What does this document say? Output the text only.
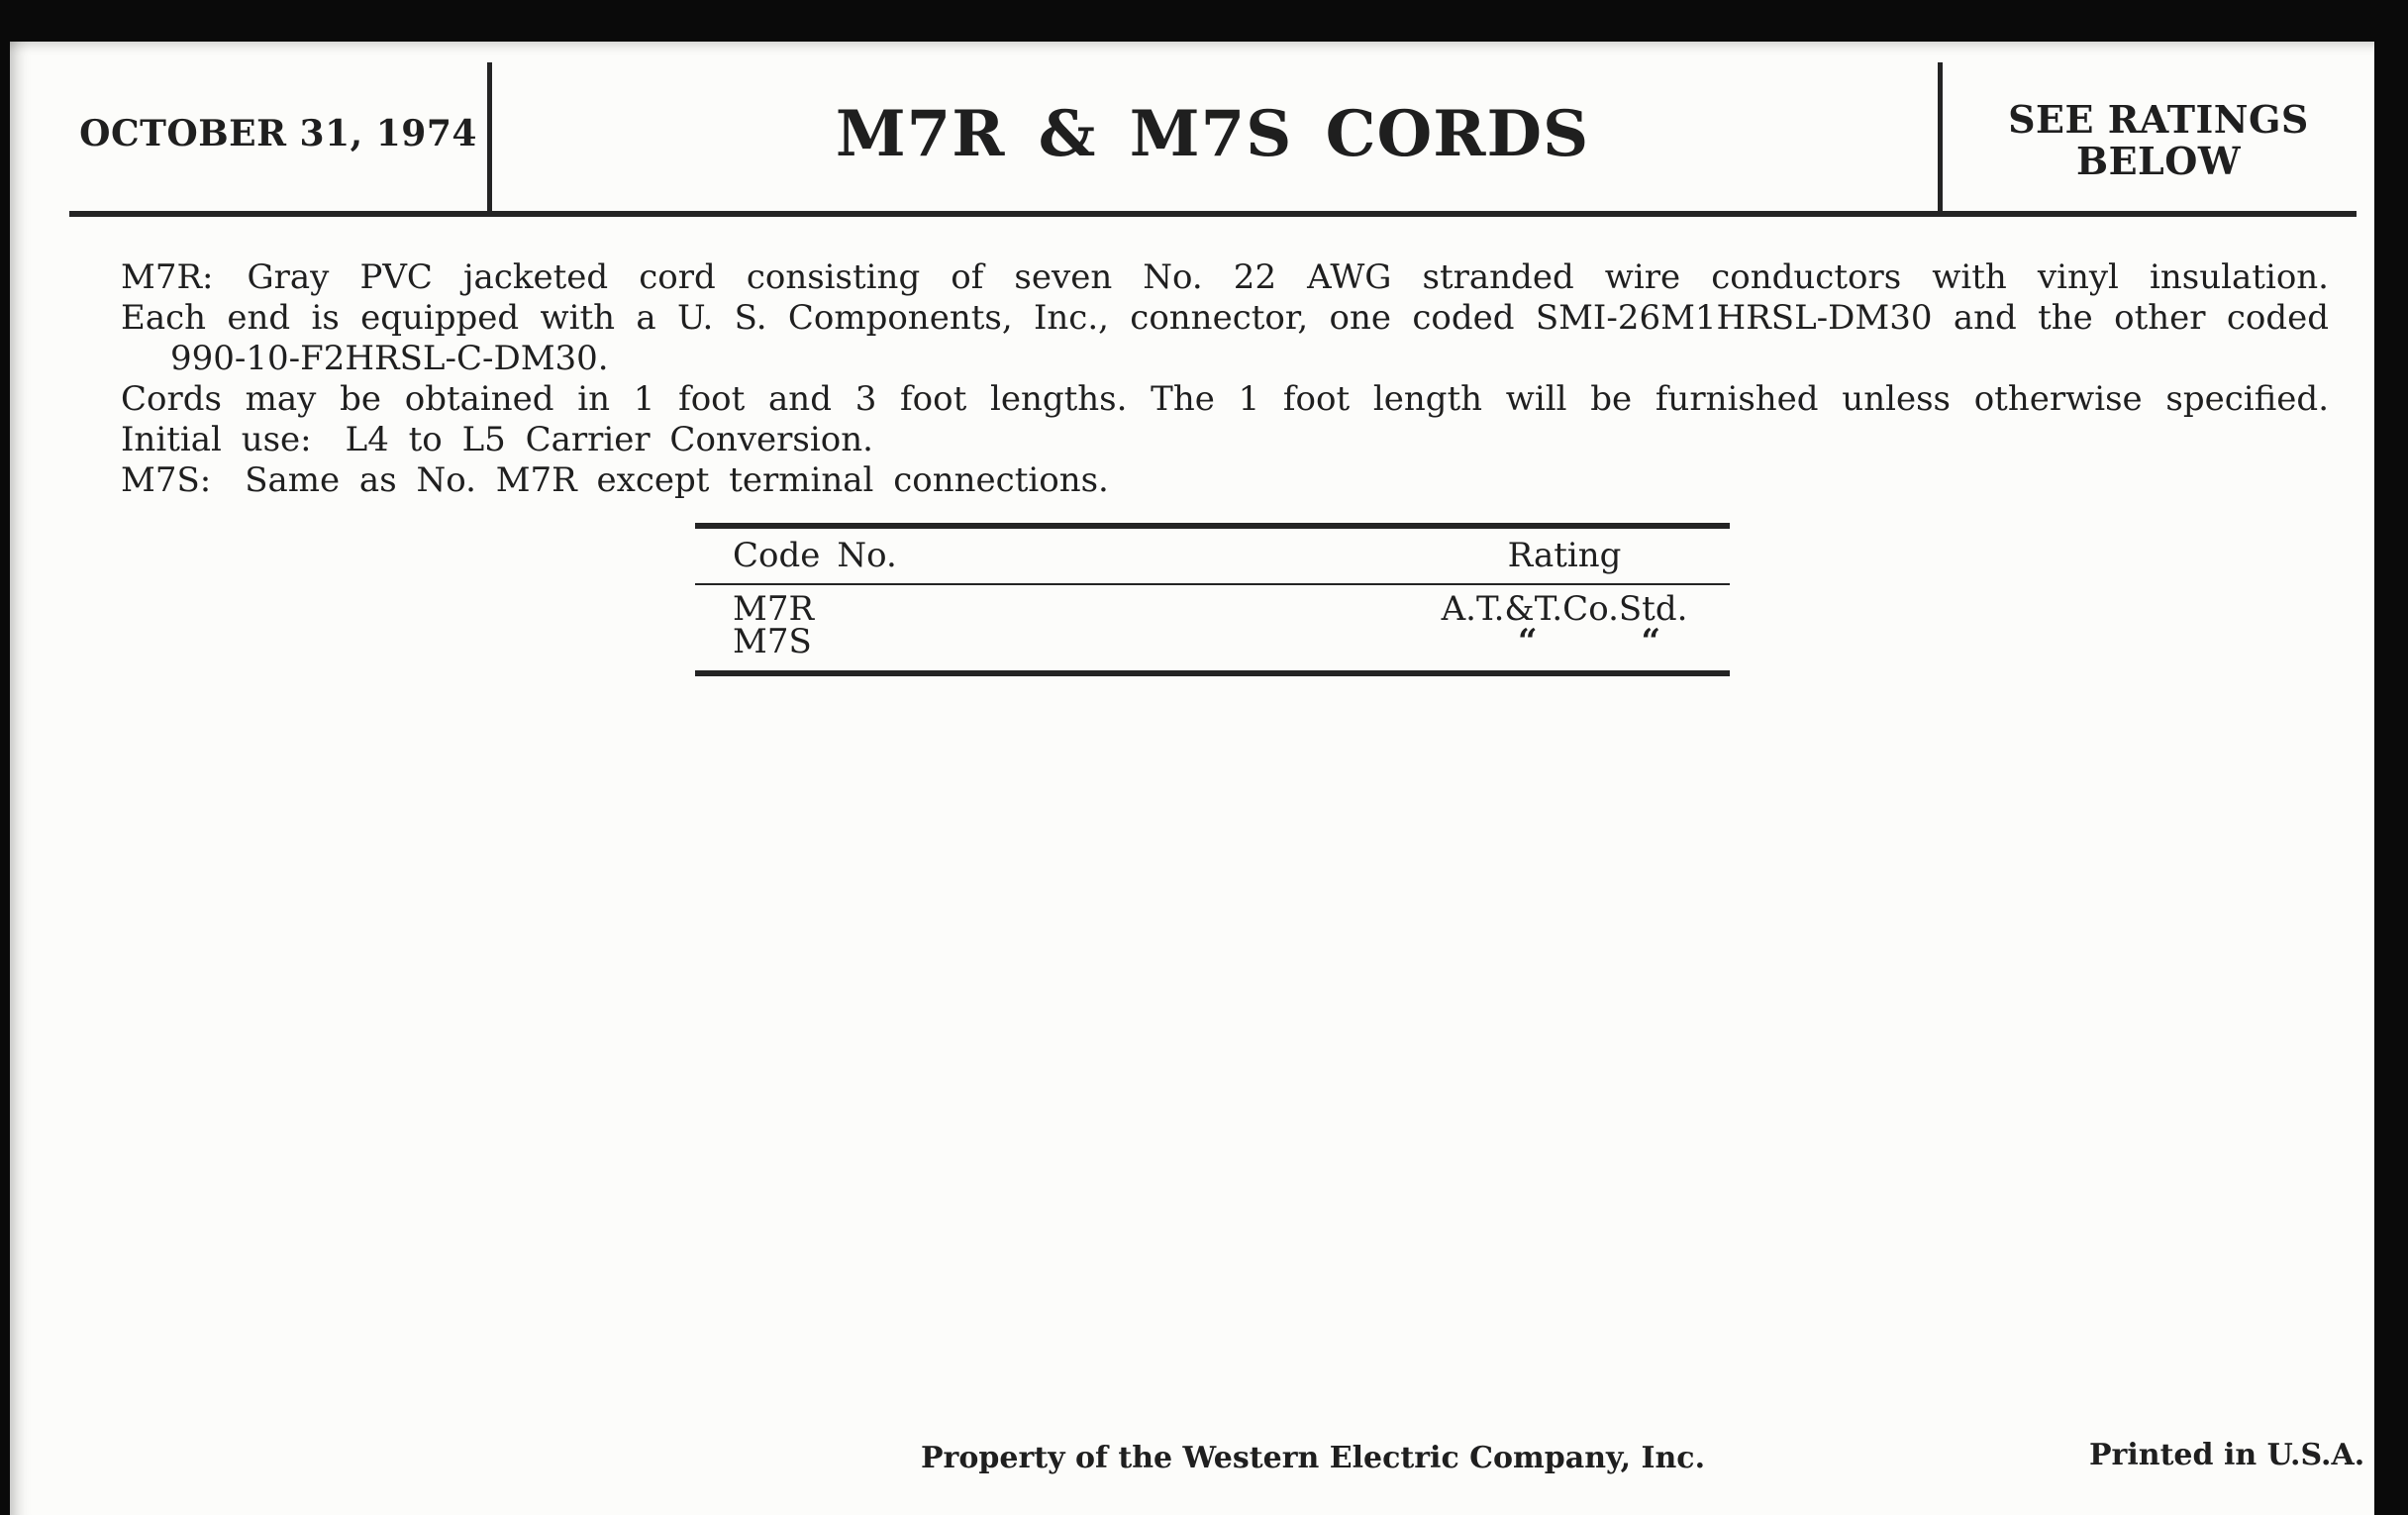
OCTOBER 31, 1974	M7R & M7S CORDS	SEE RATINGS
BELOW

M7R: Gray PVC jacketed cord consisting of seven No. 22 AWG stranded wire conductors with vinyl insulation.

Each end is equipped with a U. S. Components, Inc., connector, one coded SMI-26M1HRSL-DM30 and the other coded

990-10-F2HRSL-C-DM30.

Cords may be obtained in 1 foot and 3 foot lengths. The 1 foot length will be furnished unless otherwise specified.

Initial use: L4 to L5 Carrier Conversion.

M7S: Same as No. M7R except terminal connections.

Code No.	Rating
M7R	A.T.&T.Co.Std.
M7S	“	“
Property of the Western Electric Company, Inc.	Printed in U.S.A.
